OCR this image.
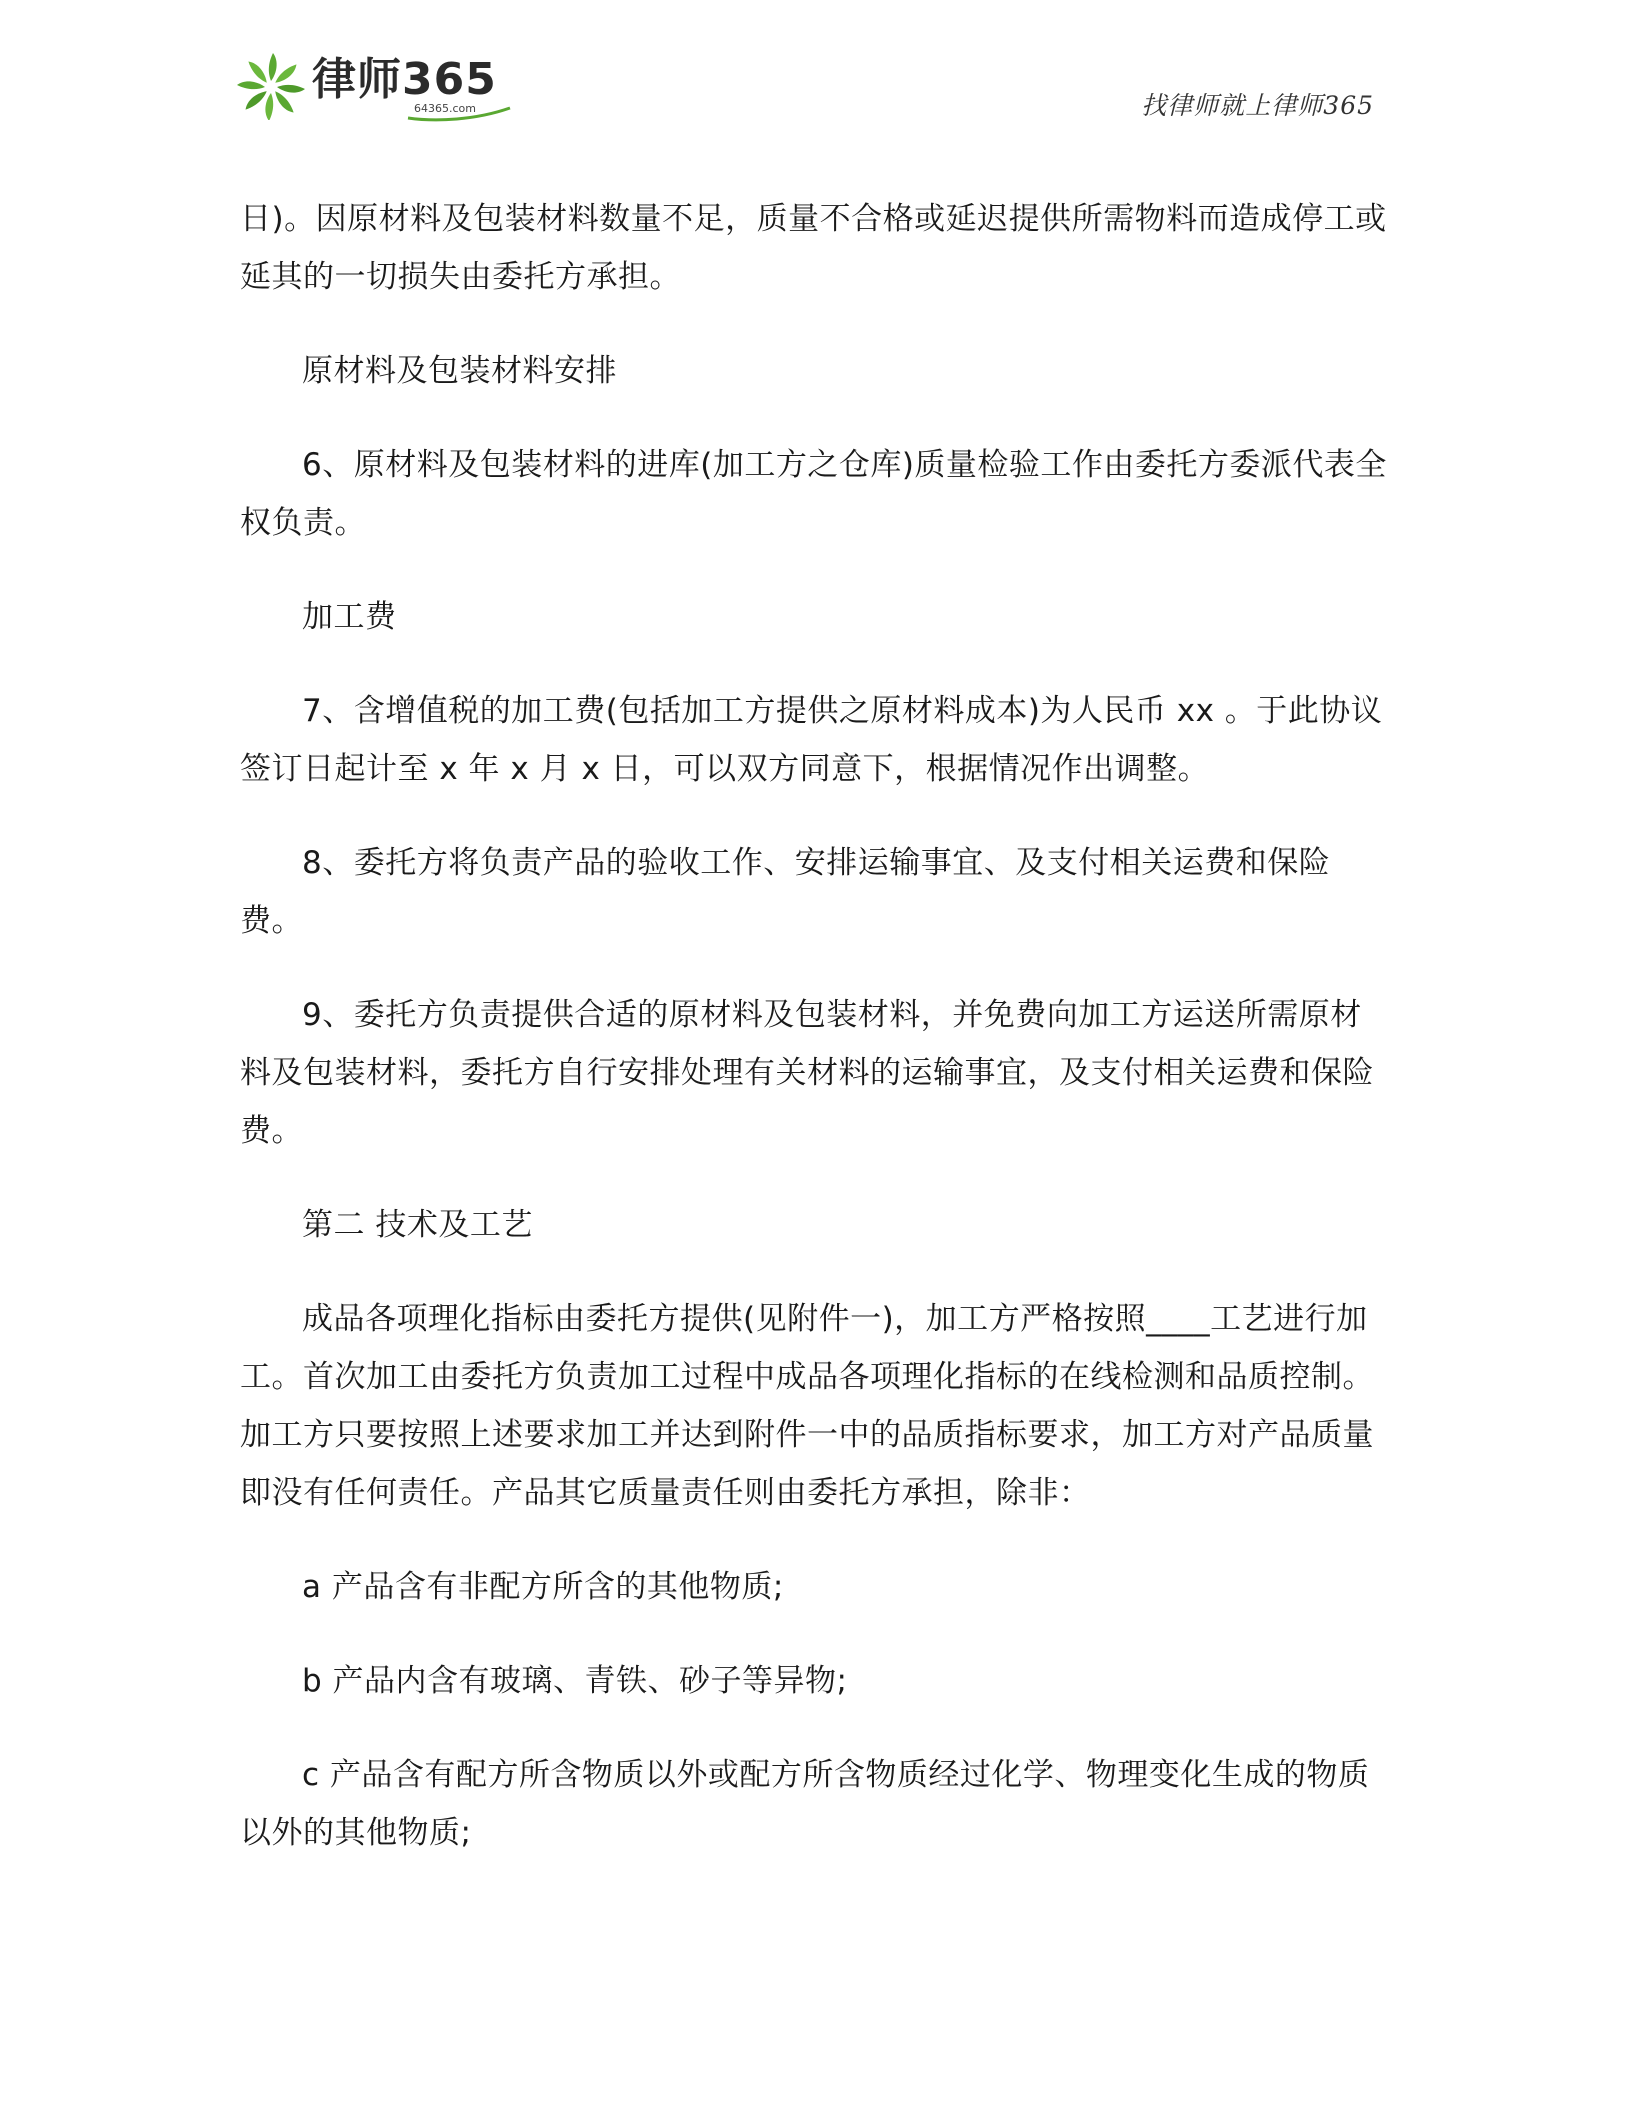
律师365
64365.com	找律师就上律师365

日)。因原材料及包装材料数量不足，质量不合格或延迟提供所需物料而造成停工或延其的一切损失由委托方承担。

原材料及包装材料安排

6、原材料及包装材料的进库(加工方之仓库)质量检验工作由委托方委派代表全权负责。

加工费

7、含增值税的加工费(包括加工方提供之原材料成本)为人民币 xx 。于此协议签订日起计至 x 年 x 月 x 日，可以双方同意下，根据情况作出调整。

8、委托方将负责产品的验收工作、安排运输事宜、及支付相关运费和保险费。

9、委托方负责提供合适的原材料及包装材料，并免费向加工方运送所需原材料及包装材料，委托方自行安排处理有关材料的运输事宜，及支付相关运费和保险费。

第二 技术及工艺

成品各项理化指标由委托方提供(见附件一)，加工方严格按照____工艺进行加工。首次加工由委托方负责加工过程中成品各项理化指标的在线检测和品质控制。加工方只要按照上述要求加工并达到附件一中的品质指标要求，加工方对产品质量即没有任何责任。产品其它质量责任则由委托方承担，除非：

a 产品含有非配方所含的其他物质;

b 产品内含有玻璃、青铁、砂子等异物;

c 产品含有配方所含物质以外或配方所含物质经过化学、物理变化生成的物质以外的其他物质;
